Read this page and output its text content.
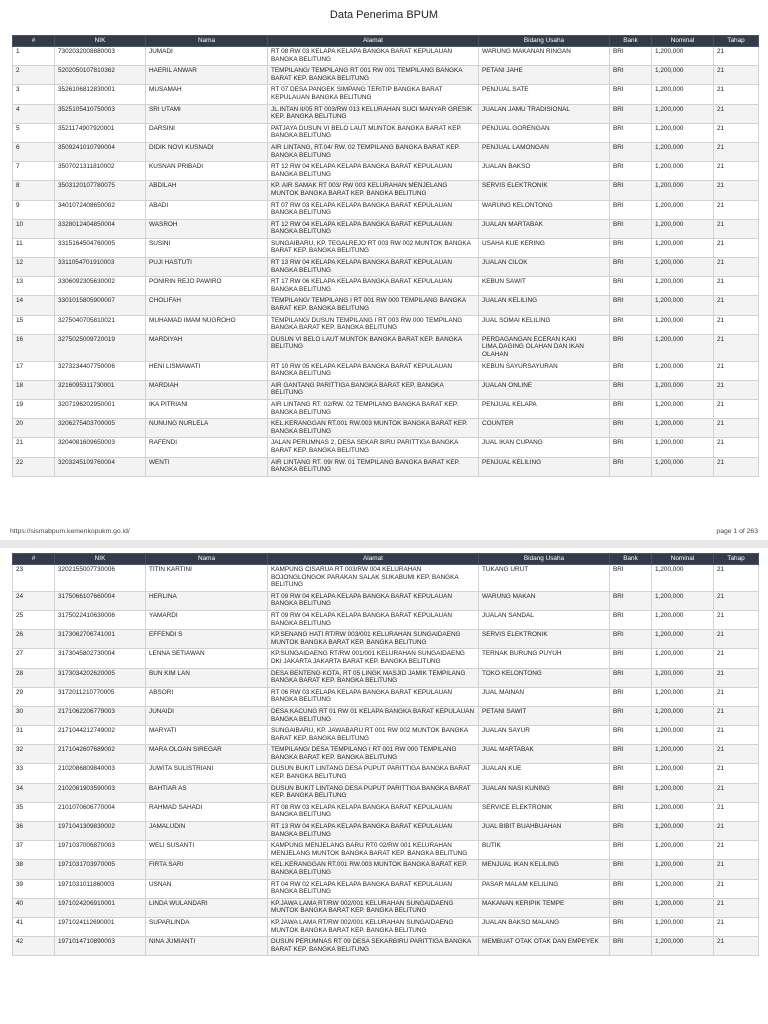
Data Penerima BPUM
#	NIK	Nama	Alamat	Bidang Usaha	Bank	Nominal	Tahap
1	7302032008880003	JUMADI	RT 08 RW 03 KELAPA KELAPA BANGKA BARAT KEPULAUAN BANGKA BELITUNG	WARUNG MAKANAN RINGAN	BRI	1,200,000	21
2	5202050107810362	HAERIL ANWAR	TEMPILANG/ TEMPILANG RT 001 RW 001 TEMPILANG BANGKA BARAT KEP. BANGKA BELITUNG	PETANI JAHE	BRI	1,200,000	21
3	3526106812830001	MUSAMAH	RT 07 DESA PANGEK SIMPANG TERITIP BANGKA BARAT KEPULAUAN BANGKA BELITUNG	PENJUAL SATE	BRI	1,200,000	21
4	3525105410750003	SRI UTAMI	JL.INTAN II/05 RT 003/RW 013 KELURAHAN SUCI MANYAR GRESIK KEP. BANGKA BELITUNG	JUALAN JAMU TRADISIONAL	BRI	1,200,000	21
5	3521174907920001	DARSINI	PATJAYA DUSUN VI BELO LAUT MUNTOK BANGKA BARAT KEP. BANGKA BELITUNG	PENJUAL GORENGAN	BRI	1,200,000	21
6	3509241010790004	DIDIK NOVI KUSNADI	AIR LINTANG, RT.04/ RW. 02 TEMPILANG BANGKA BARAT KEP. BANGKA BELITUNG	PENJUAL LAMONGAN	BRI	1,200,000	21
7	3507021311810002	KUSNAN PRIBADI	RT 12 RW 04 KELAPA KELAPA BANGKA BARAT KEPULAUAN BANGKA BELITUNG	JUALAN BAKSO	BRI	1,200,000	21
8	3503120107780075	ABDILAH	KP. AIR SAMAK RT 003/ RW 003 KELURAHAN MENJELANG MUNTOK BANGKA BARAT KEP. BANGKA BELITUNG	SERVIS ELEKTRONIK	BRI	1,200,000	21
9	3401072408650002	ABADI	RT 07 RW 03 KELAPA KELAPA BANGKA BARAT KEPULAUAN BANGKA BELITUNG	WARUNG KELONTONG	BRI	1,200,000	21
10	3328012404850004	WASROH	RT 12 RW 04 KELAPA KELAPA BANGKA BARAT KEPULAUAN BANGKA BELITUNG	JUALAN MARTABAK	BRI	1,200,000	21
11	3315164504760005	SUSINI	SUNGAIBARU, KP. TEGALREJO RT 003 RW 002 MUNTOK BANGKA BARAT KEP. BANGKA BELITUNG	USAHA KUE KERING	BRI	1,200,000	21
12	3311054701910003	PUJI HASTUTI	RT 13 RW 04 KELAPA KELAPA BANGKA BARAT KEPULAUAN BANGKA BELITUNG	JUALAN CILOK	BRI	1,200,000	21
13	3306092305630002	PONIRIN REJO PAWIRO	RT 17 RW 06 KELAPA KELAPA BANGKA BARAT KEPULAUAN BANGKA BELITUNG	KEBUN SAWIT	BRI	1,200,000	21
14	3301015805900007	CHOLIFAH	TEMPILANG/ TEMPILANG I RT 001 RW 000 TEMPILANG BANGKA BARAT KEP. BANGKA BELITUNG	JUALAN KELILING	BRI	1,200,000	21
15	3275040705810021	MUHAMAD IMAM NUGROHO	TEMPILANG/ DUSUN TEMPILANG I RT 003 RW 000 TEMPILANG BANGKA BARAT KEP. BANGKA BELITUNG	JUAL SOMAI KELILING	BRI	1,200,000	21
16	3275025009720019	MARDIYAH	DUSUN VI BELO LAUT MUNTOK BANGKA BARAT KEP. BANGKA BELITUNG	PERDAGANGAN ECERAN KAKI LIMA,DAGING OLAHAN DAN IKAN OLAHAN	BRI	1,200,000	21
17	3273234407750006	HENI LISMAWATI	RT 10 RW 05 KELAPA KELAPA BANGKA BARAT KEPULAUAN BANGKA BELITUNG	KEBUN SAYURSAYURAN	BRI	1,200,000	21
18	3216095311730001	MARDIAH	AIR GANTANG PARITTIGA BANGKA BARAT KEP. BANGKA BELITUNG	JUALAN ONLINE	BRI	1,200,000	21
19	3207196202950001	IKA PITRIANI	AIR LINTANG RT. 02/RW. 02 TEMPILANG BANGKA BARAT KEP. BANGKA BELITUNG	PENJUAL KELAPA	BRI	1,200,000	21
20	3206275403700005	NUNUNG NURLELA	KEL.KERANGGAN RT.001 RW.003 MUNTOK BANGKA BARAT KEP. BANGKA BELITUNG	COUNTER	BRI	1,200,000	21
21	3204081609650003	RAFENDI	JALAN PERUMNAS 2, DESA SEKAR BIRU PARITTIGA BANGKA BARAT KEP. BANGKA BELITUNG	JUAL IKAN CUPANG	BRI	1,200,000	21
22	3203245109760004	WENTI	AIR LINTANG RT. 09/ RW. 01 TEMPILANG BANGKA BARAT KEP. BANGKA BELITUNG	PENJUAL KELILING	BRI	1,200,000	21
https://sismabpum.kemenkopukm.go.id/	page 1 of 263
#	NIK	Nama	Alamat	Bidang Usaha	Bank	Nominal	Tahap
23	3202155007730006	TITIN KARTINI	KAMPUNG CISARUA RT 003/RW 004 KELURAHAN BOJONGLONGOK PARAKAN SALAK SUKABUMI KEP. BANGKA BELITUNG	TUKANG URUT	BRI	1,200,000	21
24	3175066107660004	HERLINA	RT 09 RW 04 KELAPA KELAPA BANGKA BARAT KEPULAUAN BANGKA BELITUNG	WARUNG MAKAN	BRI	1,200,000	21
25	3175022410630006	YAMARDI	RT 09 RW 04 KELAPA KELAPA BANGKA BARAT KEPULAUAN BANGKA BELITUNG	JUALAN SANDAL	BRI	1,200,000	21
26	3173062706741001	EFFENDI S	KP.SENANG HATI RT/RW 003/001 KELURAHAN SUNGAIDAENG MUNTOK BANGKA BARAT KEP. BANGKA BELITUNG	SERVIS ELEKTRONIK	BRI	1,200,000	21
27	3173045802730004	LENNA SETIAWAN	KP.SUNGAIDAENG RT/RW 001/001 KELURAHAN SUNGAIDAENG DKI JAKARTA JAKARTA BARAT KEP. BANGKA BELITUNG	TERNAK BURUNG PUYUH	BRI	1,200,000	21
28	3173034202620005	BUN KIM LAN	DESA BENTENG KOTA, RT 05 LINGK MASJID JAMIK TEMPILANG BANGKA BARAT KEP. BANGKA BELITUNG	TOKO KELONTONG	BRI	1,200,000	21
29	3172011210770005	ABSORI	RT 06 RW 03 KELAPA KELAPA BANGKA BARAT KEPULAUAN BANGKA BELITUNG	JUAL MAINAN	BRI	1,200,000	21
30	2171062206779003	JUNAIDI	DESA KACUNG RT 01 RW 01 KELAPA BANGKA BARAT KEPULAUAN BANGKA BELITUNG	PETANI SAWIT	BRI	1,200,000	21
31	2171044212749002	MARYATI	SUNGAIBARU, KP. JAWABARU RT 001 RW 002 MUNTOK BANGKA BARAT KEP. BANGKA BELITUNG	JUALAN SAYUR	BRI	1,200,000	21
32	2171042607689002	MARA OLOAN SIREGAR	TEMPILANG/ DESA TEMPILANG I RT 001 RW 000 TEMPILANG BANGKA BARAT KEP. BANGKA BELITUNG	JUAL MARTABAK	BRI	1,200,000	21
33	2102086809840003	JUWITA SULISTRIANI	DUSUN BUKIT LINTANG DESA PUPUT PARITTIGA BANGKA BARAT KEP. BANGKA BELITUNG	JUALAN KUE	BRI	1,200,000	21
34	2102081903590003	BAHTIAR AS	DUSUN BUKIT LINTANG DESA PUPUT PARITTIGA BANGKA BARAT KEP. BANGKA BELITUNG	JUALAN NASI KUNING	BRI	1,200,000	21
35	2101070606770004	RAHMAD SAHADI	RT 08 RW 03 KELAPA KELAPA BANGKA BARAT KEPULAUAN BANGKA BELITUNG	SERVICE ELEKTRONIK	BRI	1,200,000	21
36	1971041309830002	JAMALUDIN	RT 13 RW 04 KELAPA KELAPA BANGKA BARAT KEPULAUAN BANGKA BELITUNG	JUAL BIBIT BUAHBUAHAN	BRI	1,200,000	21
37	1971037006870003	WELI SUSANTI	KAMPUNG MENJELANG BARU RT0 02/RW 001 KELURAHAN MENJELANG MUNTOK BANGKA BARAT KEP. BANGKA BELITUNG	BUTIK	BRI	1,200,000	21
38	1971031703970005	FIRTA SARI	KEL.KERANGGAN RT.001 RW.003 MUNTOK BANGKA BARAT KEP. BANGKA BELITUNG	MENJUAL IKAN KELILING	BRI	1,200,000	21
39	1971031011860003	USNAN	RT 04 RW 02 KELAPA KELAPA BANGKA BARAT KEPULAUAN BANGKA BELITUNG	PASAR MALAM KELILING	BRI	1,200,000	21
40	1971024206910001	LINDA WULANDARI	KP.JAWA LAMA RT/RW 002/001 KELURAHAN SUNGAIDAENG MUNTOK BANGKA BARAT KEP. BANGKA BELITUNG	MAKANAN KERIPIK TEMPE	BRI	1,200,000	21
41	1971024112690001	SUPARLINDA	KP.JAWA LAMA RT/RW 002/001 KELURAHAN SUNGAIDAENG MUNTOK BANGKA BARAT KEP. BANGKA BELITUNG	JUALAN BAKSO MALANG	BRI	1,200,000	21
42	1971014710890003	NINA JUMIANTI	DUSUN PERUMNAS RT 09 DESA SEKARBIRU PARITTIGA BANGKA BARAT KEP. BANGKA BELITUNG	MEMBUAT OTAK OTAK DAN EMPEYEK	BRI	1,200,000	21
